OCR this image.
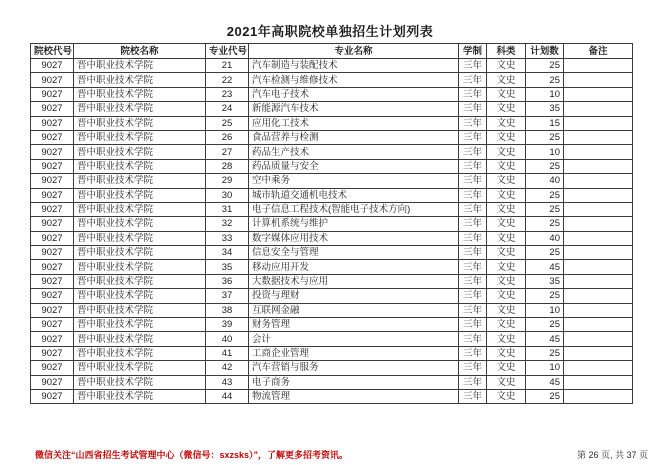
2021年高职院校单独招生计划列表
院校代号	院校名称	专业代号	专业名称	学制	科类	计划数	备注
9027	晋中职业技术学院	21	汽车制造与装配技术	三年	文史	25	
9027	晋中职业技术学院	22	汽车检测与维修技术	三年	文史	25	
9027	晋中职业技术学院	23	汽车电子技术	三年	文史	10	
9027	晋中职业技术学院	24	新能源汽车技术	三年	文史	35	
9027	晋中职业技术学院	25	应用化工技术	三年	文史	15	
9027	晋中职业技术学院	26	食品营养与检测	三年	文史	25	
9027	晋中职业技术学院	27	药品生产技术	三年	文史	10	
9027	晋中职业技术学院	28	药品质量与安全	三年	文史	25	
9027	晋中职业技术学院	29	空中乘务	三年	文史	40	
9027	晋中职业技术学院	30	城市轨道交通机电技术	三年	文史	25	
9027	晋中职业技术学院	31	电子信息工程技术(智能电子技术方向)	三年	文史	25	
9027	晋中职业技术学院	32	计算机系统与维护	三年	文史	25	
9027	晋中职业技术学院	33	数字媒体应用技术	三年	文史	40	
9027	晋中职业技术学院	34	信息安全与管理	三年	文史	25	
9027	晋中职业技术学院	35	移动应用开发	三年	文史	45	
9027	晋中职业技术学院	36	大数据技术与应用	三年	文史	35	
9027	晋中职业技术学院	37	投资与理财	三年	文史	25	
9027	晋中职业技术学院	38	互联网金融	三年	文史	10	
9027	晋中职业技术学院	39	财务管理	三年	文史	25	
9027	晋中职业技术学院	40	会计	三年	文史	45	
9027	晋中职业技术学院	41	工商企业管理	三年	文史	25	
9027	晋中职业技术学院	42	汽车营销与服务	三年	文史	10	
9027	晋中职业技术学院	43	电子商务	三年	文史	45	
9027	晋中职业技术学院	44	物流管理	三年	文史	25	
微信关注“山西省招生考试管理中心（微信号：sxzsks）”，了解更多招考资讯。	第 26 页, 共 37 页
